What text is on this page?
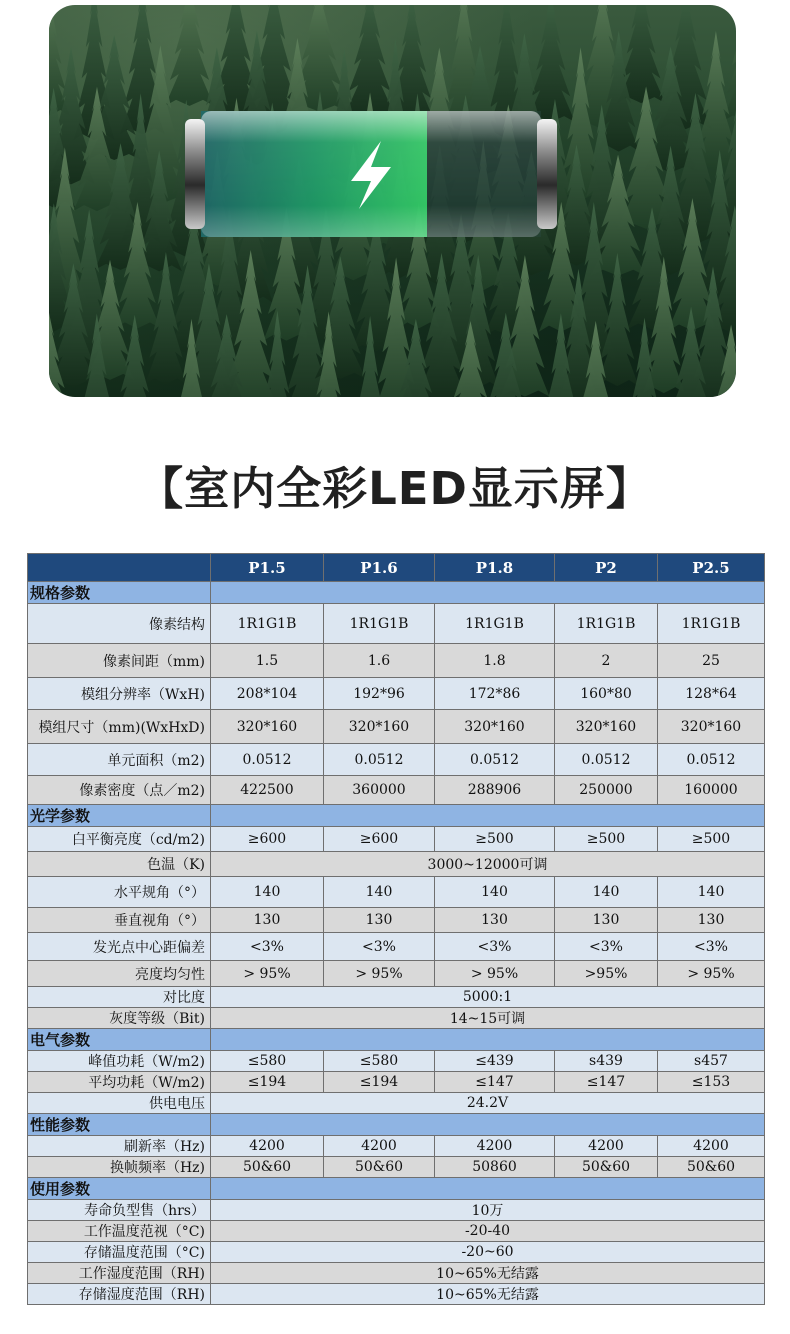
【室内全彩LED显示屏】
	P1.5	P1.6	P1.8	P2	P2.5
规格参数					
像素结构	1R1G1B	1R1G1B	1R1G1B	1R1G1B	1R1G1B
像素间距（mm)	1.5	1.6	1.8	2	25
模组分辨率（WxH)	208*104	192*96	172*86	160*80	128*64
模组尺寸（mm)(WxHxD)	320*160	320*160	320*160	320*160	320*160
单元面积（m2)	0.0512	0.0512	0.0512	0.0512	0.0512
像素密度（点／m2)	422500	360000	288906	250000	160000
光学参数					
白平衡亮度（cd/m2)	≥600	≥600	≥500	≥500	≥500
色温（K)	3000~12000可调				
水平规角（°）	140	140	140	140	140
垂直视角（°）	130	130	130	130	130
发光点中心距偏差	<3%	<3%	<3%	<3%	<3%
亮度均匀性	> 95%	> 95%	> 95%	>95%	> 95%
对比度	5000:1				
灰度等级（Bit)	14~15可调				
电气参数					
峰值功耗（W/m2)	≤580	≤580	≤439	s439	s457
平均功耗（W/m2)	≤194	≤194	≤147	≤147	≤153
供电电压	24.2V				
性能参数					
刷新率（Hz)	4200	4200	4200	4200	4200
换帧频率（Hz)	50&60	50&60	50860	50&60	50&60
使用参数					
寿命负型售（hrs）	10万				
工作温度范视（°C)	-20-40				
存储温度范围（°C)	-20~60				
工作湿度范围（RH)	10~65%无结露				
存储湿度范围（RH)	10~65%无结露				
